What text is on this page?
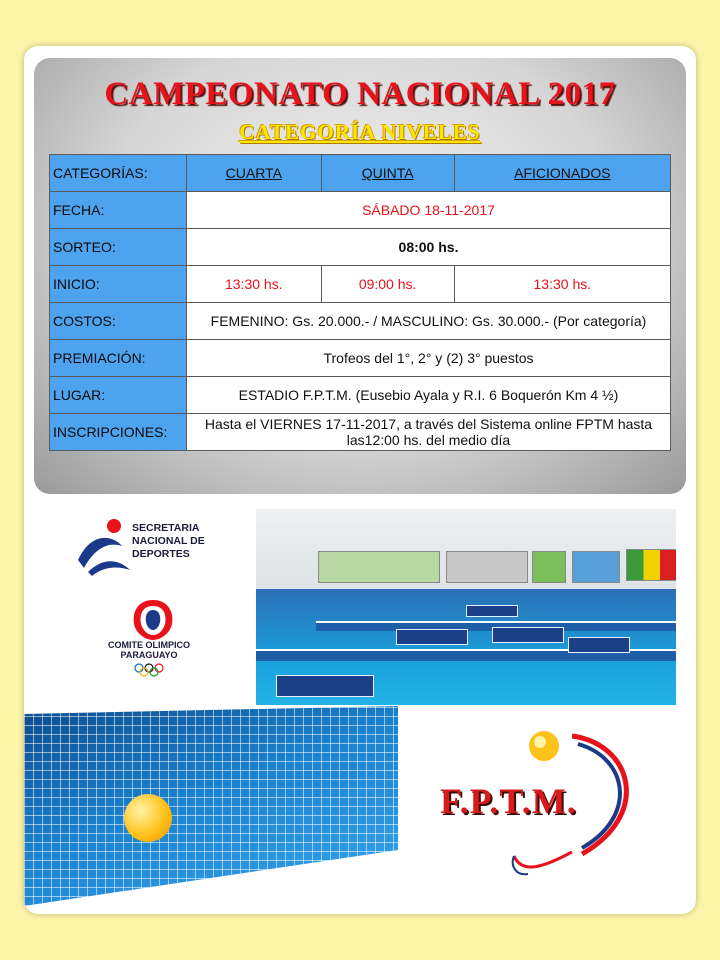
CAMPEONATO NACIONAL 2017
CATEGORÍA NIVELES
CATEGORÍAS:	CUARTA	QUINTA	AFICIONADOS
FECHA:	SÁBADO 18-11-2017		
SORTEO:	08:00 hs.		
INICIO:	13:30 hs.	09:00 hs.	13:30 hs.
COSTOS:	FEMENINO: Gs. 20.000.- / MASCULINO: Gs. 30.000.- (Por categoría)		
PREMIACIÓN:	Trofeos del 1°, 2° y (2) 3° puestos		
LUGAR:	ESTADIO F.P.T.M. (Eusebio Ayala y R.I. 6 Boquerón Km 4 ½)		
INSCRIPCIONES:	Hasta el VIERNES 17-11-2017, a través del Sistema online FPTM hasta las12:00 hs. del medio día		
SECRETARIA
NACIONAL DE
DEPORTES
COMITE OLIMPICO
PARAGUAYO
F.P.T.M.
